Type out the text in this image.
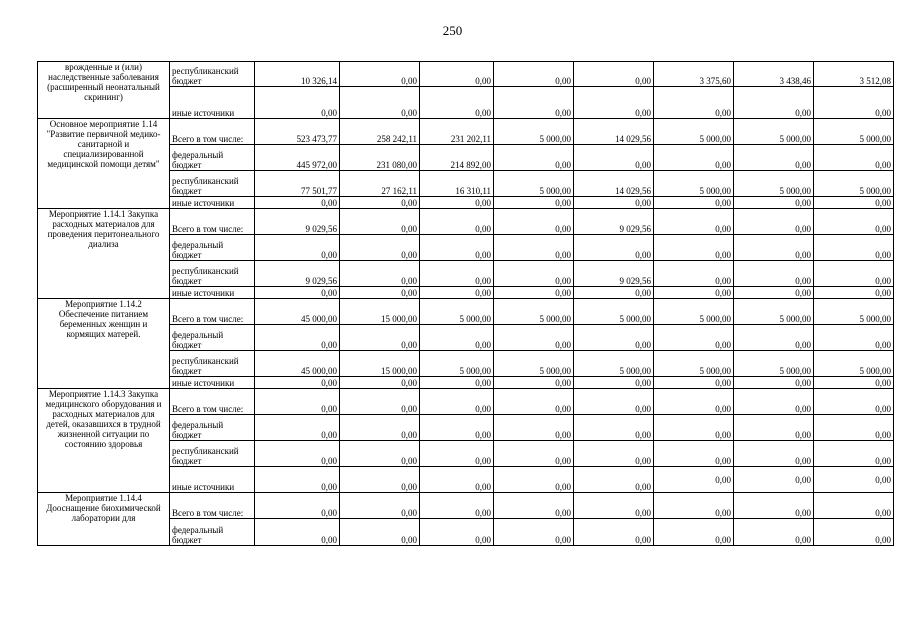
250
врожденные и (или) наследственные заболевания (расширенный неонатальный скрининг)	республиканский бюджет	10 326,14	0,00	0,00	0,00	0,00	3 375,60	3 438,46	3 512,08
	иные источники	0,00	0,00	0,00	0,00	0,00	0,00	0,00	0,00
Основное мероприятие 1.14 "Развитие первичной медико-санитарной и специализированной медицинской помощи детям"	Всего в том числе:	523 473,77	258 242,11	231 202,11	5 000,00	14 029,56	5 000,00	5 000,00	5 000,00
	федеральный бюджет	445 972,00	231 080,00	214 892,00	0,00	0,00	0,00	0,00	0,00
	республиканский бюджет	77 501,77	27 162,11	16 310,11	5 000,00	14 029,56	5 000,00	5 000,00	5 000,00
	иные источники	0,00	0,00	0,00	0,00	0,00	0,00	0,00	0,00
Мероприятие 1.14.1 Закупка расходных материалов для проведения перитонеального диализа	Всего в том числе:	9 029,56	0,00	0,00	0,00	9 029,56	0,00	0,00	0,00
	федеральный бюджет	0,00	0,00	0,00	0,00	0,00	0,00	0,00	0,00
	республиканский бюджет	9 029,56	0,00	0,00	0,00	9 029,56	0,00	0,00	0,00
	иные источники	0,00	0,00	0,00	0,00	0,00	0,00	0,00	0,00
Мероприятие 1.14.2 Обеспечение питанием беременных женщин и кормящих матерей.	Всего в том числе:	45 000,00	15 000,00	5 000,00	5 000,00	5 000,00	5 000,00	5 000,00	5 000,00
	федеральный бюджет	0,00	0,00	0,00	0,00	0,00	0,00	0,00	0,00
	республиканский бюджет	45 000,00	15 000,00	5 000,00	5 000,00	5 000,00	5 000,00	5 000,00	5 000,00
	иные источники	0,00	0,00	0,00	0,00	0,00	0,00	0,00	0,00
Мероприятие 1.14.3 Закупка медицинского оборудования и расходных материалов для детей, оказавшихся в трудной жизненной ситуации по состоянию здоровья	Всего в том числе:	0,00	0,00	0,00	0,00	0,00	0,00	0,00	0,00
	федеральный бюджет	0,00	0,00	0,00	0,00	0,00	0,00	0,00	0,00
	республиканский бюджет	0,00	0,00	0,00	0,00	0,00	0,00	0,00	0,00
	иные источники	0,00	0,00	0,00	0,00	0,00	0,00	0,00	0,00
Мероприятие 1.14.4 Дооснащение биохимической лаборатории для	Всего в том числе:	0,00	0,00	0,00	0,00	0,00	0,00	0,00	0,00
	федеральный бюджет	0,00	0,00	0,00	0,00	0,00	0,00	0,00	0,00
